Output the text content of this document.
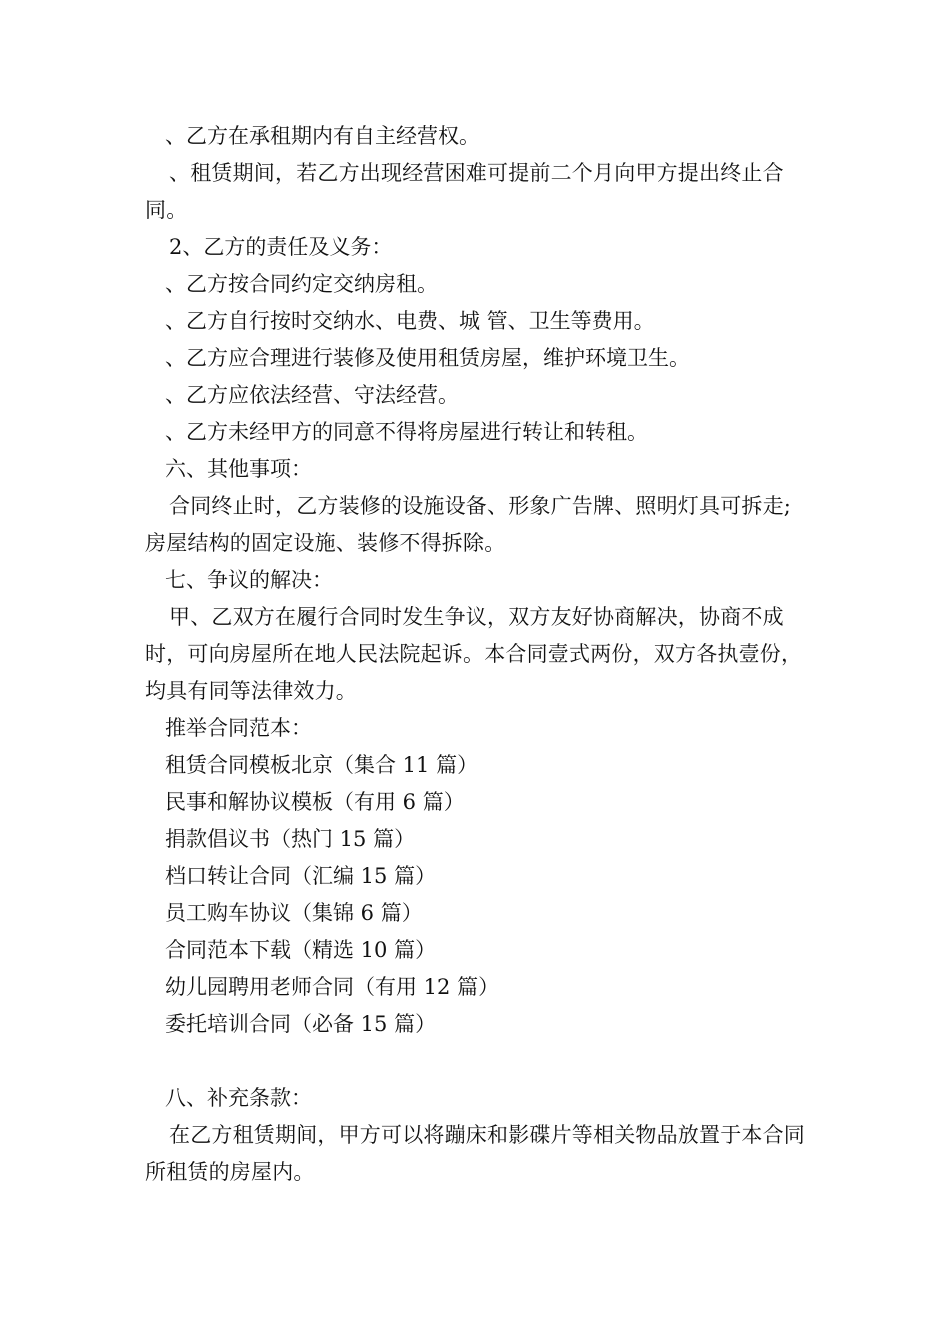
、乙方在承租期内有自主经营权。
、租赁期间，若乙方出现经营困难可提前二个月向甲方提出终止合同。
2、乙方的责任及义务：
、乙方按合同约定交纳房租。
、乙方自行按时交纳水、电费、城 管、卫生等费用。
、乙方应合理进行装修及使用租赁房屋，维护环境卫生。
、乙方应依法经营、守法经营。
、乙方未经甲方的同意不得将房屋进行转让和转租。
六、其他事项：
合同终止时，乙方装修的设施设备、形象广告牌、照明灯具可拆走;房屋结构的固定设施、装修不得拆除。
七、争议的解决：
甲、乙双方在履行合同时发生争议，双方友好协商解决，协商不成时，可向房屋所在地人民法院起诉。本合同壹式两份，双方各执壹份，均具有同等法律效力。
推举合同范本：
租赁合同模板北京（集合 11 篇）
民事和解协议模板（有用 6 篇）
捐款倡议书（热门 15 篇）
档口转让合同（汇编 15 篇）
员工购车协议（集锦 6 篇）
合同范本下载（精选 10 篇）
幼儿园聘用老师合同（有用 12 篇）
委托培训合同（必备 15 篇）
八、补充条款：
在乙方租赁期间，甲方可以将蹦床和影碟片等相关物品放置于本合同所租赁的房屋内。
